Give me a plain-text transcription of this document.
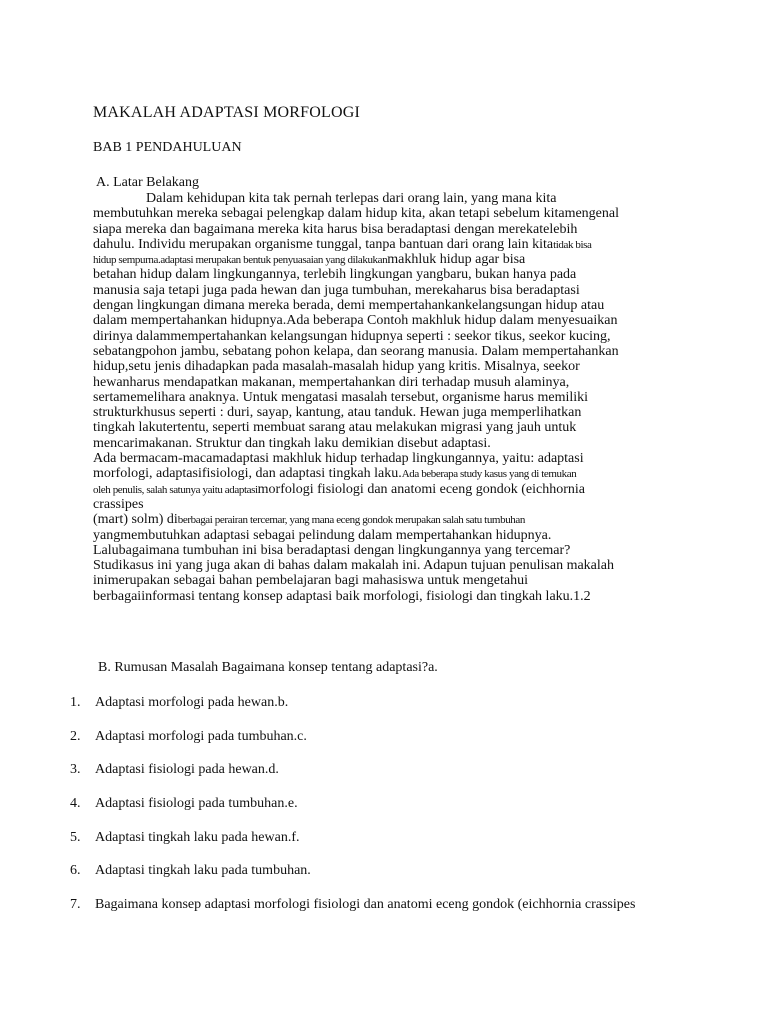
MAKALAH ADAPTASI MORFOLOGI

BAB 1 PENDAHULUAN

A. Latar Belakang

Dalam kehidupan kita tak pernah terlepas dari orang lain, yang mana kita
membutuhkan mereka sebagai pelengkap dalam hidup kita, akan tetapi sebelum kitamengenal
siapa mereka dan bagaimana mereka kita harus bisa beradaptasi dengan merekatelebih
dahulu. Individu merupakan organisme tunggal, tanpa bantuan dari orang lain kitatidak bisa
hidup sempurna.adaptasi merupakan bentuk penyuasaian yang dilakukanmakhluk hidup agar bisa
betahan hidup dalam lingkungannya, terlebih lingkungan yangbaru, bukan hanya pada
manusia saja tetapi juga pada hewan dan juga tumbuhan, merekaharus bisa beradaptasi
dengan lingkungan dimana mereka berada, demi mempertahankankelangsungan hidup atau
dalam mempertahankan hidupnya.Ada beberapa Contoh makhluk hidup dalam menyesuaikan
dirinya dalammempertahankan kelangsungan hidupnya seperti : seekor tikus, seekor kucing,
sebatangpohon jambu, sebatang pohon kelapa, dan seorang manusia. Dalam mempertahankan
hidup,setu jenis dihadapkan pada masalah-masalah hidup yang kritis. Misalnya, seekor
hewanharus mendapatkan makanan, mempertahankan diri terhadap musuh alaminya,
sertamemelihara anaknya. Untuk mengatasi masalah tersebut, organisme harus memiliki
strukturkhusus seperti : duri, sayap, kantung, atau tanduk. Hewan juga memperlihatkan
tingkah lakutertentu, seperti membuat sarang atau melakukan migrasi yang jauh untuk
mencarimakanan. Struktur dan tingkah laku demikian disebut adaptasi.
Ada bermacam-macamadaptasi makhluk hidup terhadap lingkungannya, yaitu: adaptasi
morfologi, adaptasifisiologi, dan adaptasi tingkah laku.Ada beberapa study kasus yang di temukan
oleh penulis, salah satunya yaitu adaptasimorfologi fisiologi dan anatomi eceng gondok (eichhornia
crassipes
(mart) solm) diberbagai perairan tercemar, yang mana eceng gondok merupakan salah satu tumbuhan
yangmembutuhkan adaptasi sebagai pelindung dalam mempertahankan hidupnya.
Lalubagaimana tumbuhan ini bisa beradaptasi dengan lingkungannya yang tercemar?
Studikasus ini yang juga akan di bahas dalam makalah ini. Adapun tujuan penulisan makalah
inimerupakan sebagai bahan pembelajaran bagi mahasiswa untuk mengetahui
berbagaiinformasi tentang konsep adaptasi baik morfologi, fisiologi dan tingkah laku.1.2

B. Rumusan Masalah Bagaimana konsep tentang adaptasi?a.

1.	Adaptasi morfologi pada hewan.b.
2.	Adaptasi morfologi pada tumbuhan.c.
3.	Adaptasi fisiologi pada hewan.d.
4.	Adaptasi fisiologi pada tumbuhan.e.
5.	Adaptasi tingkah laku pada hewan.f.
6.	Adaptasi tingkah laku pada tumbuhan.
7.	Bagaimana konsep adaptasi morfologi fisiologi dan anatomi eceng gondok (eichhornia crassipes
